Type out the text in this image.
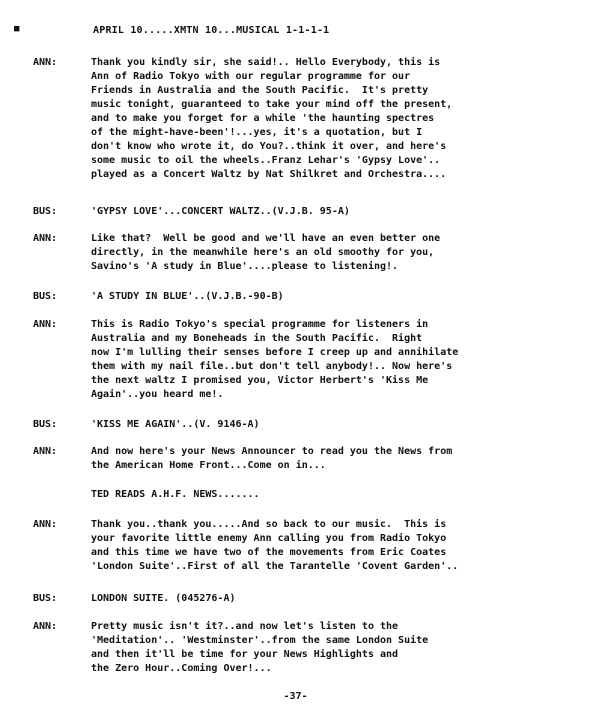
■	APRIL 10.....XMTN 10...MUSICAL 1-1-1-1
ANN:	Thank you kindly sir, she said!.. Hello Everybody, this is
Ann of Radio Tokyo with our regular programme for our
Friends in Australia and the South Pacific.  It's pretty
music tonight, guaranteed to take your mind off the present,
and to make you forget for a while 'the haunting spectres
of the might-have-been'!...yes, it's a quotation, but I
don't know who wrote it, do You?..think it over, and here's
some music to oil the wheels..Franz Lehar's 'Gypsy Love'..
played as a Concert Waltz by Nat Shilkret and Orchestra....
BUS:	'GYPSY LOVE'...CONCERT WALTZ..(V.J.B. 95-A)
ANN:	Like that?  Well be good and we'll have an even better one
directly, in the meanwhile here's an old smoothy for you,
Savino's 'A study in Blue'....please to listening!.
BUS:	'A STUDY IN BLUE'..(V.J.B.-90-B)
ANN:	This is Radio Tokyo's special programme for listeners in
Australia and my Boneheads in the South Pacific.  Right
now I'm lulling their senses before I creep up and annihilate
them with my nail file..but don't tell anybody!.. Now here's
the next waltz I promised you, Victor Herbert's 'Kiss Me
Again'..you heard me!.
BUS:	'KISS ME AGAIN'..(V. 9146-A)
ANN:	And now here's your News Announcer to read you the News from
the American Home Front...Come on in...
TED READS A.H.F. NEWS.......
ANN:	Thank you..thank you.....And so back to our music.  This is
your favorite little enemy Ann calling you from Radio Tokyo
and this time we have two of the movements from Eric Coates
'London Suite'..First of all the Tarantelle 'Covent Garden'..
BUS:	LONDON SUITE. (045276-A)
ANN:	Pretty music isn't it?..and now let's listen to the
'Meditation'.. 'Westminster'..from the same London Suite
and then it'll be time for your News Highlights and
the Zero Hour..Coming Over!...
-37-
